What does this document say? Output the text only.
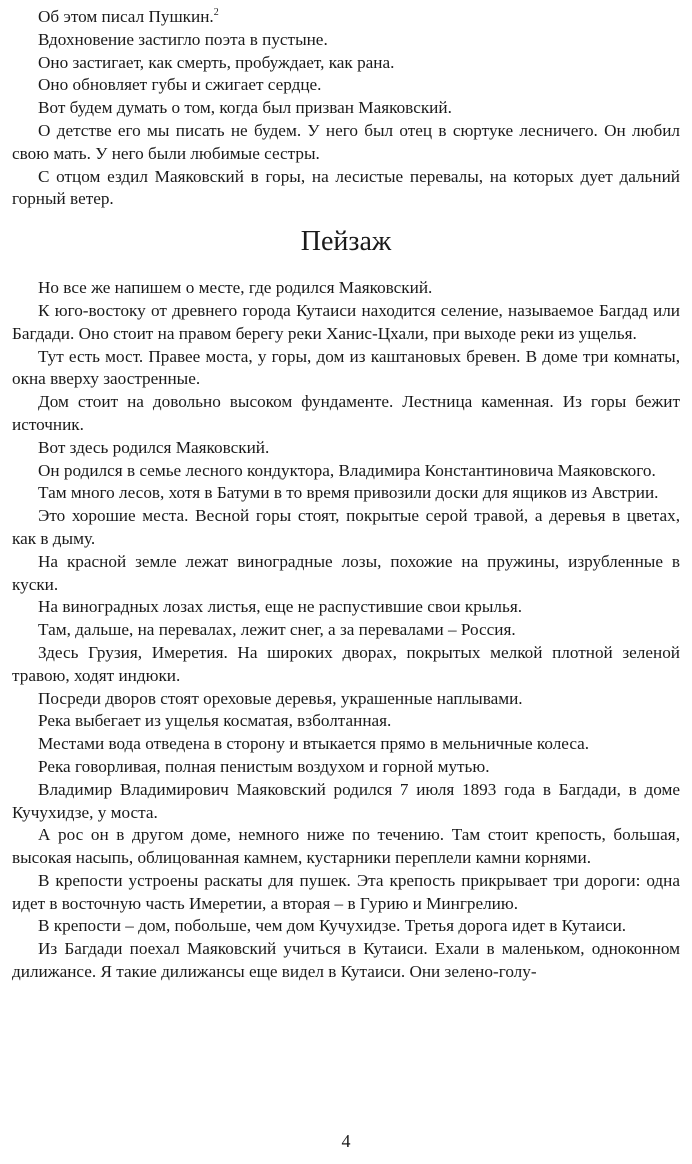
Об этом писал Пушкин.$^2$

Вдохновение застигло поэта в пустыне.

Оно застигает, как смерть, пробуждает, как рана.

Оно обновляет губы и сжигает сердце.

Вот будем думать о том, когда был призван Маяковский.

О детстве его мы писать не будем. У него был отец в сюртуке лесничего. Он любил свою мать. У него были любимые сестры.

С отцом ездил Маяковский в горы, на лесистые перевалы, на которых дует дальний горный ветер.

Пейзаж

Но все же напишем о месте, где родился Маяковский.

К юго-востоку от древнего города Кутаиси находится селение, называемое Багдад или Багдади. Оно стоит на правом берегу реки Ханис-Цхали, при выходе реки из ущелья.

Тут есть мост. Правее моста, у горы, дом из каштановых бревен. В доме три комнаты, окна вверху заостренные.

Дом стоит на довольно высоком фундаменте. Лестница каменная. Из горы бежит источник.

Вот здесь родился Маяковский.

Он родился в семье лесного кондуктора, Владимира Константиновича Маяковского.

Там много лесов, хотя в Батуми в то время привозили доски для ящиков из Австрии.

Это хорошие места. Весной горы стоят, покрытые серой травой, а деревья в цветах, как в дыму.

На красной земле лежат виноградные лозы, похожие на пружины, изрубленные в куски.

На виноградных лозах листья, еще не распустившие свои крылья.

Там, дальше, на перевалах, лежит снег, а за перевалами – Россия.

Здесь Грузия, Имеретия. На широких дворах, покрытых мелкой плотной зеленой травою, ходят индюки.

Посреди дворов стоят ореховые деревья, украшенные наплывами.

Река выбегает из ущелья косматая, взболтанная.

Местами вода отведена в сторону и втыкается прямо в мельничные колеса.

Река говорливая, полная пенистым воздухом и горной мутью.

Владимир Владимирович Маяковский родился 7 июля 1893 года в Багдади, в доме Кучухидзе, у моста.

А рос он в другом доме, немного ниже по течению. Там стоит крепость, большая, высокая насыпь, облицованная камнем, кустарники переплели камни корнями.

В крепости устроены раскаты для пушек. Эта крепость прикрывает три дороги: одна идет в восточную часть Имеретии, а вторая – в Гурию и Мингрелию.

В крепости – дом, побольше, чем дом Кучухидзе. Третья дорога идет в Кутаиси.

Из Багдади поехал Маяковский учиться в Кутаиси. Ехали в маленьком, одноконном дилижансе. Я такие дилижансы еще видел в Кутаиси. Они зелено-голу-

4
